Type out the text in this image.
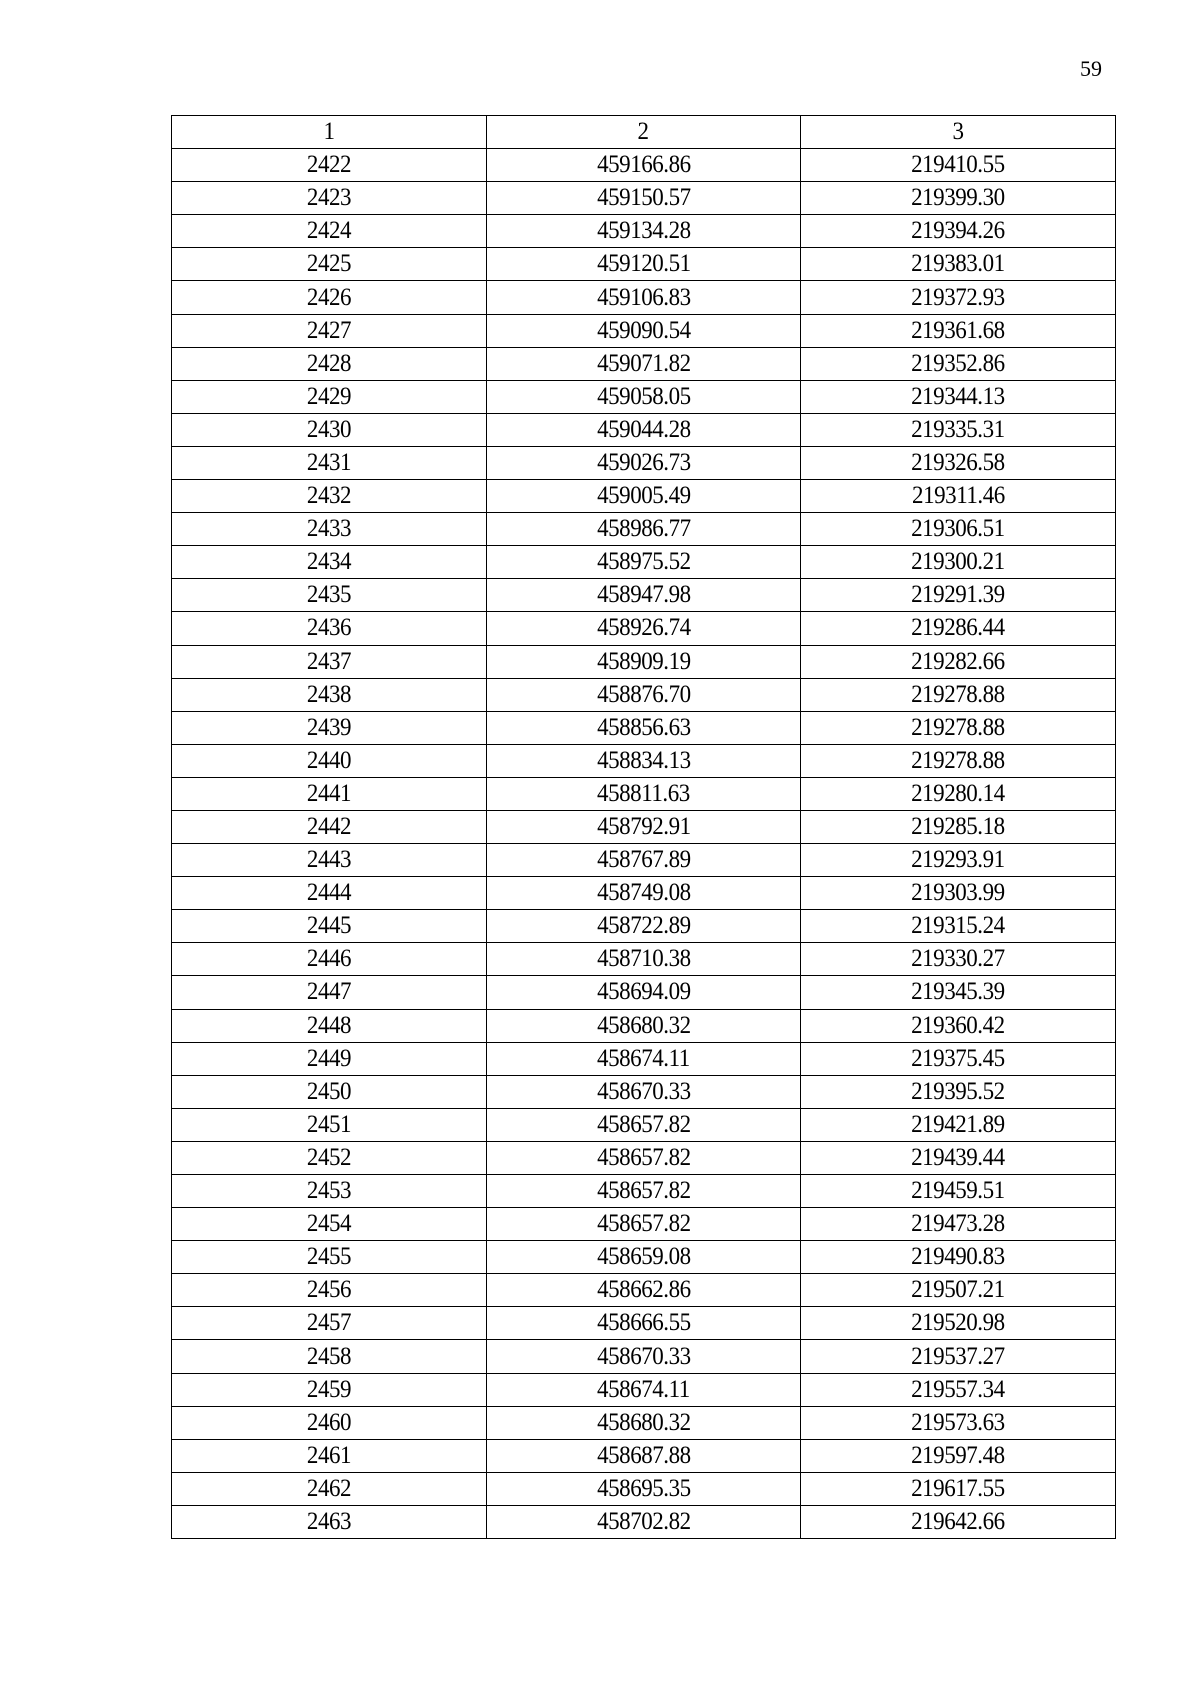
59
1	2	3
2422	459166.86	219410.55
2423	459150.57	219399.30
2424	459134.28	219394.26
2425	459120.51	219383.01
2426	459106.83	219372.93
2427	459090.54	219361.68
2428	459071.82	219352.86
2429	459058.05	219344.13
2430	459044.28	219335.31
2431	459026.73	219326.58
2432	459005.49	219311.46
2433	458986.77	219306.51
2434	458975.52	219300.21
2435	458947.98	219291.39
2436	458926.74	219286.44
2437	458909.19	219282.66
2438	458876.70	219278.88
2439	458856.63	219278.88
2440	458834.13	219278.88
2441	458811.63	219280.14
2442	458792.91	219285.18
2443	458767.89	219293.91
2444	458749.08	219303.99
2445	458722.89	219315.24
2446	458710.38	219330.27
2447	458694.09	219345.39
2448	458680.32	219360.42
2449	458674.11	219375.45
2450	458670.33	219395.52
2451	458657.82	219421.89
2452	458657.82	219439.44
2453	458657.82	219459.51
2454	458657.82	219473.28
2455	458659.08	219490.83
2456	458662.86	219507.21
2457	458666.55	219520.98
2458	458670.33	219537.27
2459	458674.11	219557.34
2460	458680.32	219573.63
2461	458687.88	219597.48
2462	458695.35	219617.55
2463	458702.82	219642.66
